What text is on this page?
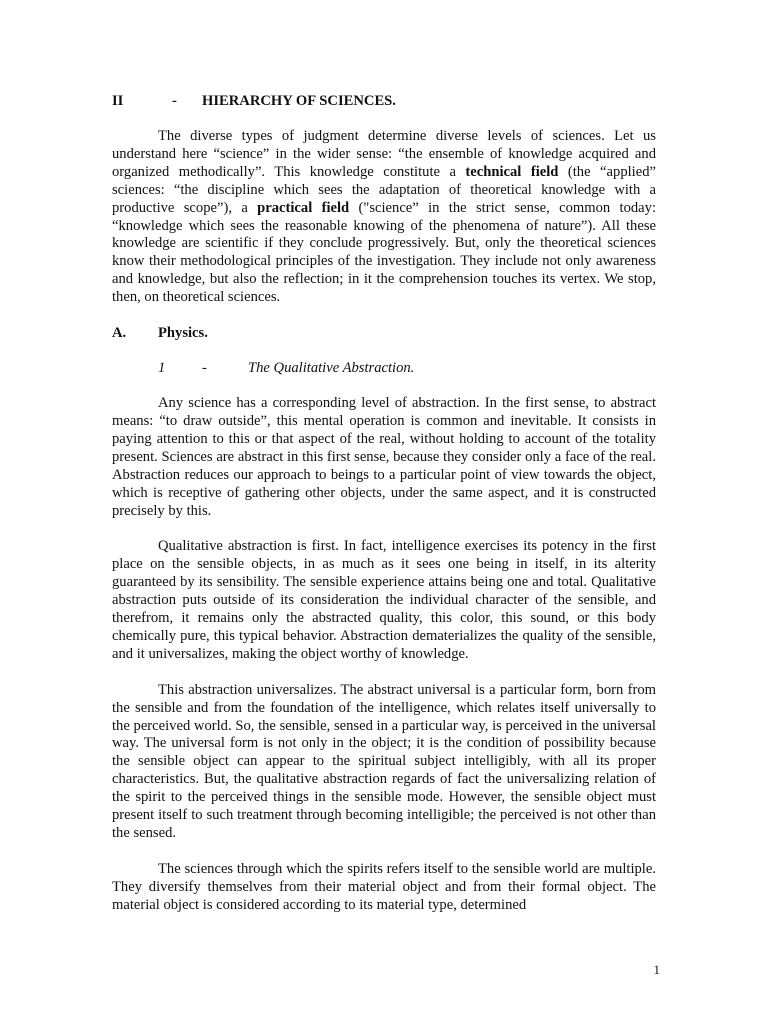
II	-	HIERARCHY OF SCIENCES.

The diverse types of judgment determine diverse levels of sciences. Let us understand here “science” in the wider sense: “the ensemble of knowledge acquired and organized methodically”. This knowledge constitute a technical field (the “applied” sciences: “the discipline which sees the adaptation of theoretical knowledge with a productive scope”), a practical field ("science” in the strict sense, common today: “knowledge which sees the reasonable knowing of the phenomena of nature”). All these knowledge are scientific if they conclude progressively. But, only the theoretical sciences know their methodological principles of the investigation. They include not only awareness and knowledge, but also the reflection; in it the comprehension touches its vertex. We stop, then, on theoretical sciences.

A.	Physics.
1	-	The Qualitative Abstraction.

Any science has a corresponding level of abstraction. In the first sense, to abstract means: “to draw outside”, this mental operation is common and inevitable. It consists in paying attention to this or that aspect of the real, without holding to account of the totality present. Sciences are abstract in this first sense, because they consider only a face of the real. Abstraction reduces our approach to beings to a particular point of view towards the object, which is receptive of gathering other objects, under the same aspect, and it is constructed precisely by this.

Qualitative abstraction is first. In fact, intelligence exercises its potency in the first place on the sensible objects, in as much as it sees one being in itself, in its alterity guaranteed by its sensibility. The sensible experience attains being one and total. Qualitative abstraction puts outside of its consideration the individual character of the sensible, and therefrom, it remains only the abstracted quality, this color, this sound, or this body chemically pure, this typical behavior. Abstraction dematerializes the quality of the sensible, and it universalizes, making the object worthy of knowledge.

This abstraction universalizes. The abstract universal is a particular form, born from the sensible and from the foundation of the intelligence, which relates itself universally to the perceived world. So, the sensible, sensed in a particular way, is perceived in the universal way. The universal form is not only in the object; it is the condition of possibility because the sensible object can appear to the spiritual subject intelligibly, with all its proper characteristics. But, the qualitative abstraction regards of fact the universalizing relation of the spirit to the perceived things in the sensible mode. However, the sensible object must present itself to such treatment through becoming intelligible; the perceived is not other than the sensed.

The sciences through which the spirits refers itself to the sensible world are multiple. They diversify themselves from their material object and from their formal object. The material object is considered according to its material type, determined

1
